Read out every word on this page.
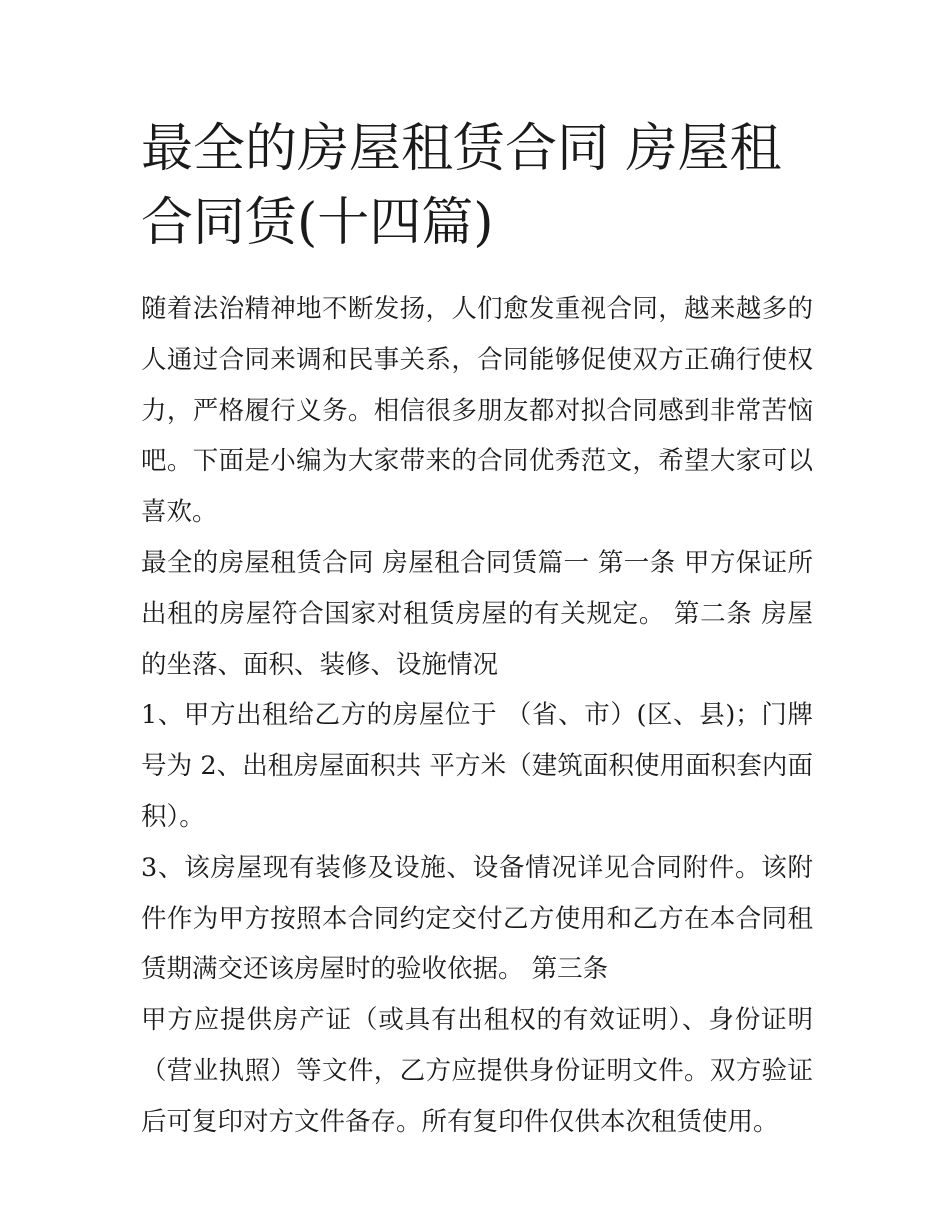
最全的房屋租赁合同 房屋租合同赁(十四篇)

随着法治精神地不断发扬，人们愈发重视合同，越来越多的人通过合同来调和民事关系，合同能够促使双方正确行使权力，严格履行义务。相信很多朋友都对拟合同感到非常苦恼吧。下面是小编为大家带来的合同优秀范文，希望大家可以喜欢。

最全的房屋租赁合同 房屋租合同赁篇一 第一条 甲方保证所出租的房屋符合国家对租赁房屋的有关规定。 第二条 房屋的坐落、面积、装修、设施情况

1、甲方出租给乙方的房屋位于 （省、市）(区、县)；门牌号为 2、出租房屋面积共 平方米（建筑面积使用面积套内面积）。

3、该房屋现有装修及设施、设备情况详见合同附件。该附件作为甲方按照本合同约定交付乙方使用和乙方在本合同租赁期满交还该房屋时的验收依据。 第三条

甲方应提供房产证（或具有出租权的有效证明）、身份证明（营业执照）等文件，乙方应提供身份证明文件。双方验证后可复印对方文件备存。所有复印件仅供本次租赁使用。
